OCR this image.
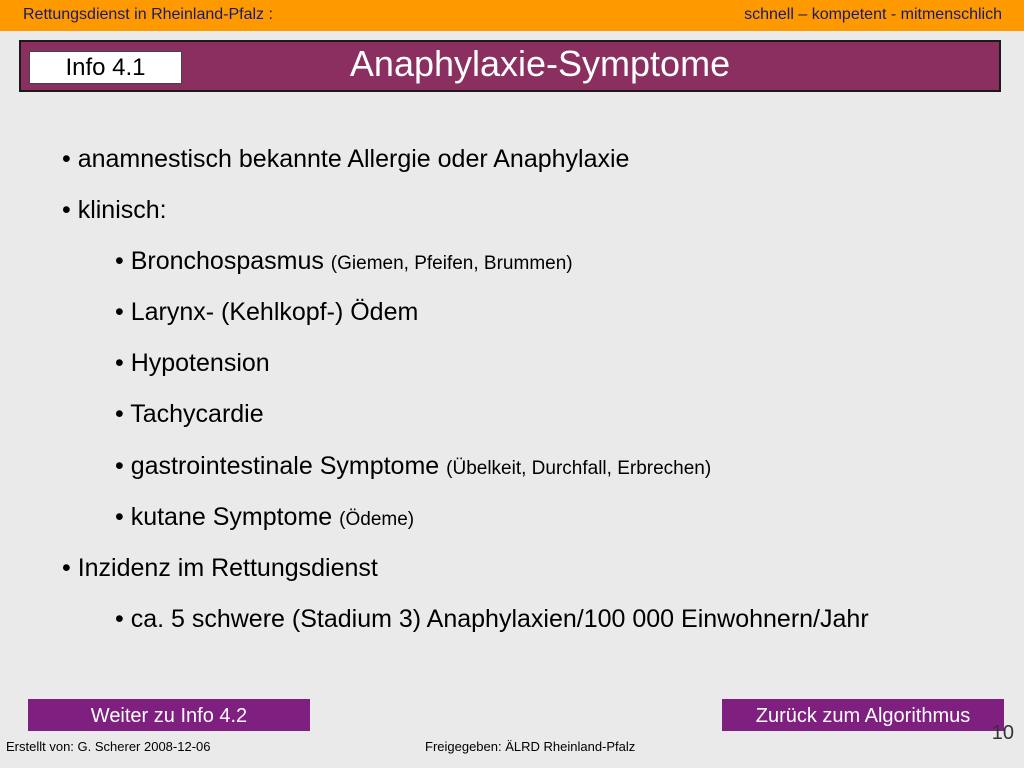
Rettungsdienst in Rheinland-Pfalz :	schnell – kompetent - mitmenschlich
Info 4.1	Anaphylaxie-Symptome
• anamnestisch bekannte Allergie oder Anaphylaxie
• klinisch:
• Bronchospasmus (Giemen, Pfeifen, Brummen)
• Larynx- (Kehlkopf-) Ödem
• Hypotension
• Tachycardie
• gastrointestinale Symptome (Übelkeit, Durchfall, Erbrechen)
• kutane Symptome (Ödeme)
• Inzidenz im Rettungsdienst
• ca. 5 schwere (Stadium 3) Anaphylaxien/100 000 Einwohnern/Jahr
Weiter zu Info 4.2	Zurück zum Algorithmus
10
Erstellt von: G. Scherer 2008-12-06	Freigegeben: ÄLRD Rheinland-Pfalz
